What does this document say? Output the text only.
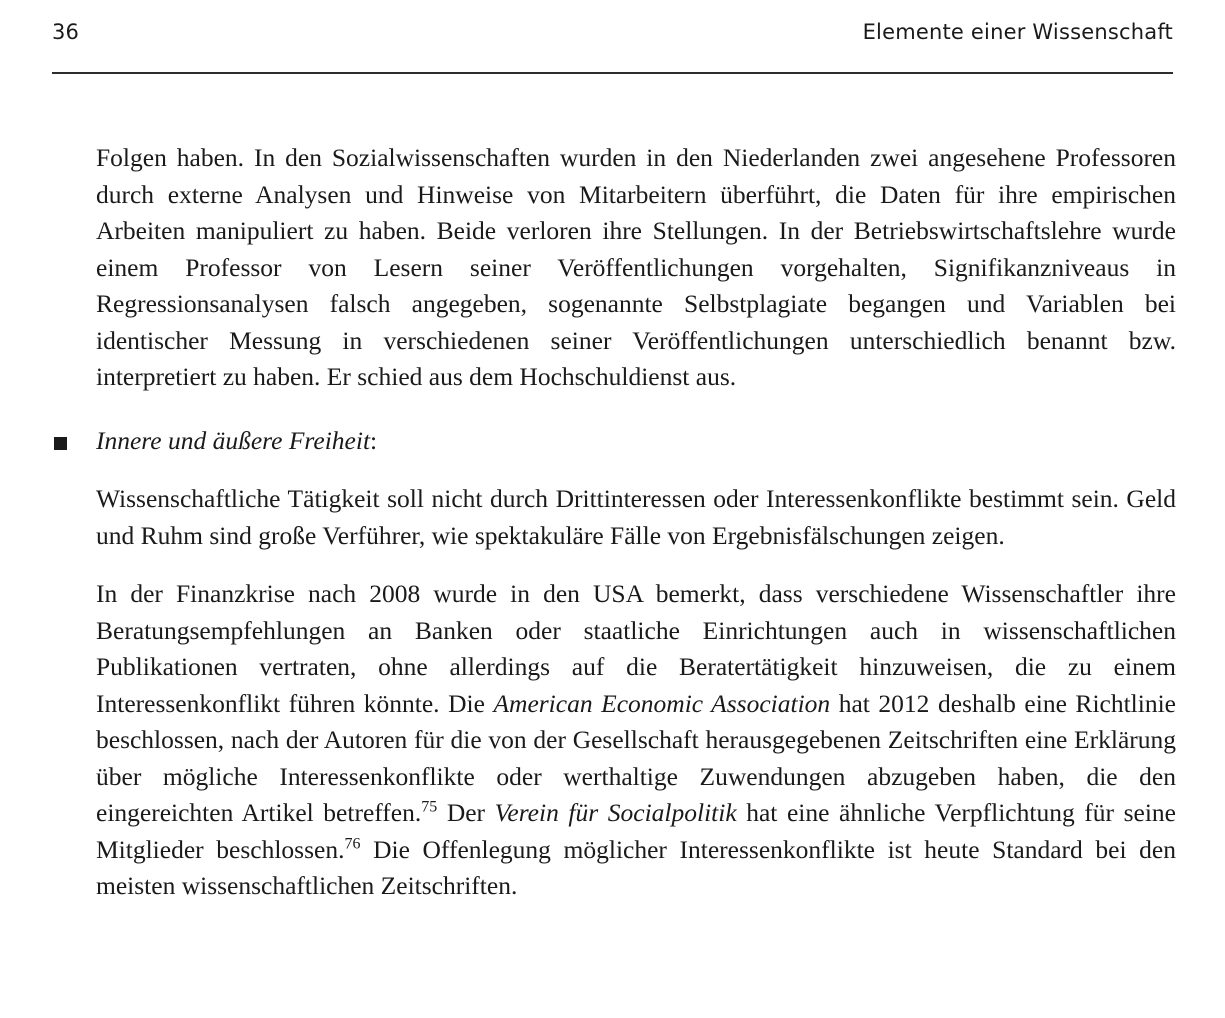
36	Elemente einer Wissenschaft

Folgen haben. In den Sozialwissenschaften wurden in den Niederlanden zwei angesehene Professoren durch externe Analysen und Hinweise von Mitarbeitern überführt, die Daten für ihre empirischen Arbeiten manipuliert zu haben. Beide verloren ihre Stellungen. In der Betriebswirtschaftslehre wurde einem Professor von Lesern seiner Veröffentlichungen vorgehalten, Signifikanzniveaus in Regressionsanalysen falsch angegeben, sogenannte Selbstplagiate begangen und Variablen bei identischer Messung in verschiedenen seiner Veröffentlichungen unterschiedlich benannt bzw. interpretiert zu haben. Er schied aus dem Hochschuldienst aus.

Innere und äußere Freiheit:

Wissenschaftliche Tätigkeit soll nicht durch Drittinteressen oder Interessenkonflikte bestimmt sein. Geld und Ruhm sind große Verführer, wie spektakuläre Fälle von Ergebnisfälschungen zeigen.

In der Finanzkrise nach 2008 wurde in den USA bemerkt, dass verschiedene Wissenschaftler ihre Beratungsempfehlungen an Banken oder staatliche Einrichtungen auch in wissenschaftlichen Publikationen vertraten, ohne allerdings auf die Beratertätigkeit hinzuweisen, die zu einem Interessenkonflikt führen könnte. Die American Economic Association hat 2012 deshalb eine Richtlinie beschlossen, nach der Autoren für die von der Gesellschaft herausgegebenen Zeitschriften eine Erklärung über mögliche Interessenkonflikte oder werthaltige Zuwendungen abzugeben haben, die den eingereichten Artikel betreffen.$^{75}$ Der Verein für Socialpolitik hat eine ähnliche Verpflichtung für seine Mitglieder beschlossen.$^{76}$ Die Offenlegung möglicher Interessenkonflikte ist heute Standard bei den meisten wissenschaftlichen Zeitschriften.
